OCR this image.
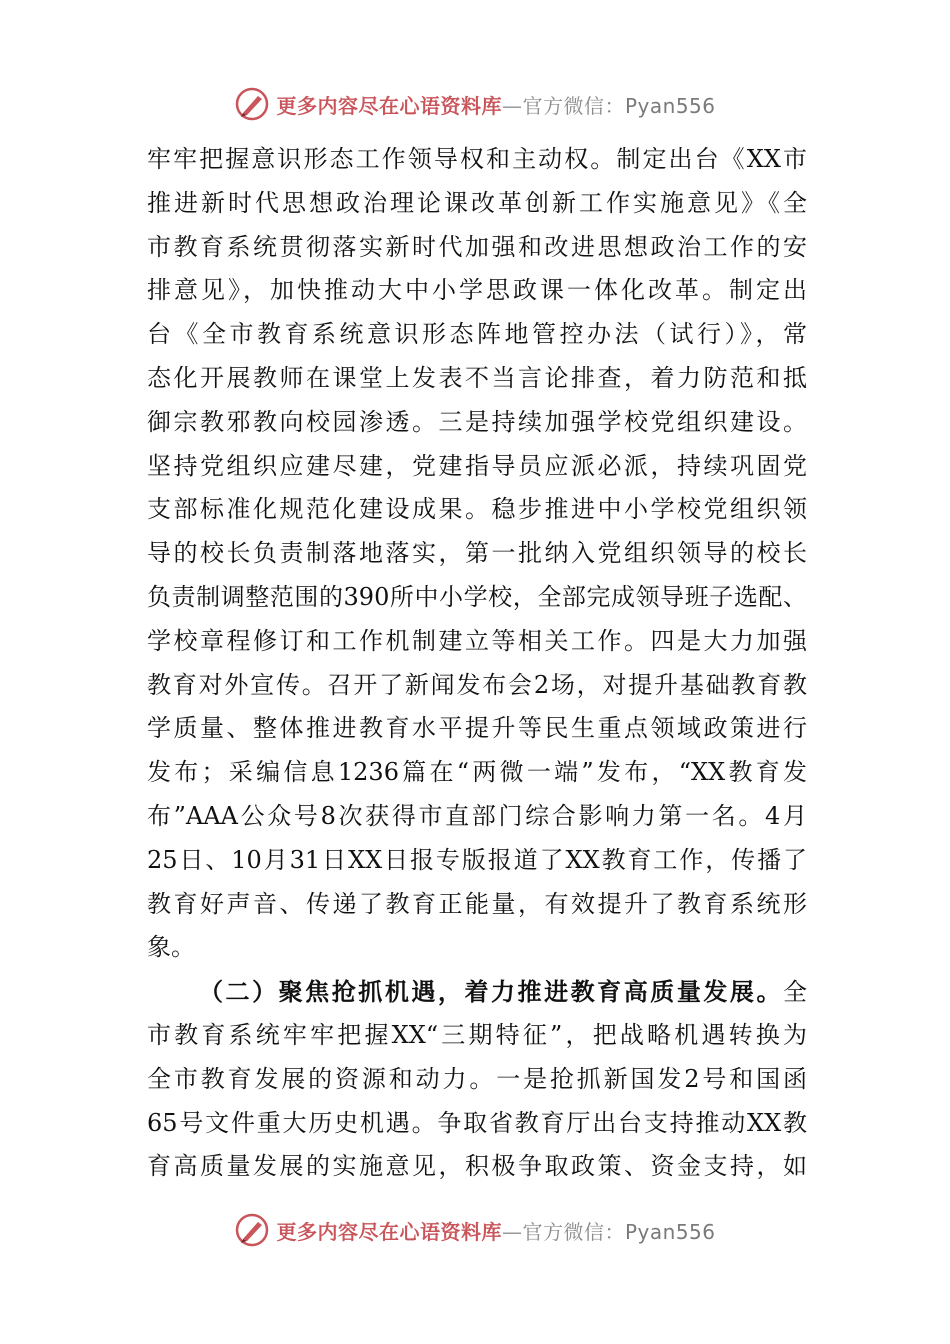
更多内容尽在心语资料库—官方微信：Pyan556
牢牢把握意识形态工作领导权和主动权。制定出台《XX市
推进新时代思想政治理论课改革创新工作实施意见》《全
市教育系统贯彻落实新时代加强和改进思想政治工作的安
排意见》，加快推动大中小学思政课一体化改革。制定出
台《全市教育系统意识形态阵地管控办法（试行）》，常
态化开展教师在课堂上发表不当言论排查，着力防范和抵
御宗教邪教向校园渗透。三是持续加强学校党组织建设。
坚持党组织应建尽建，党建指导员应派必派，持续巩固党
支部标准化规范化建设成果。稳步推进中小学校党组织领
导的校长负责制落地落实，第一批纳入党组织领导的校长
负责制调整范围的390所中小学校，全部完成领导班子选配、
学校章程修订和工作机制建立等相关工作。四是大力加强
教育对外宣传。召开了新闻发布会2场，对提升基础教育教
学质量、整体推进教育水平提升等民生重点领域政策进行
发布；采编信息1236篇在“两微一端”发布，“XX教育发
布”AAA公众号8次获得市直部门综合影响力第一名。4月
25日、10月31日XX日报专版报道了XX教育工作，传播了
教育好声音、传递了教育正能量，有效提升了教育系统形
象。
（二）聚焦抢抓机遇，着力推进教育高质量发展。全
市教育系统牢牢把握XX“三期特征”，把战略机遇转换为
全市教育发展的资源和动力。一是抢抓新国发2号和国函
65号文件重大历史机遇。争取省教育厅出台支持推动XX教
育高质量发展的实施意见，积极争取政策、资金支持，如
更多内容尽在心语资料库—官方微信：Pyan556
